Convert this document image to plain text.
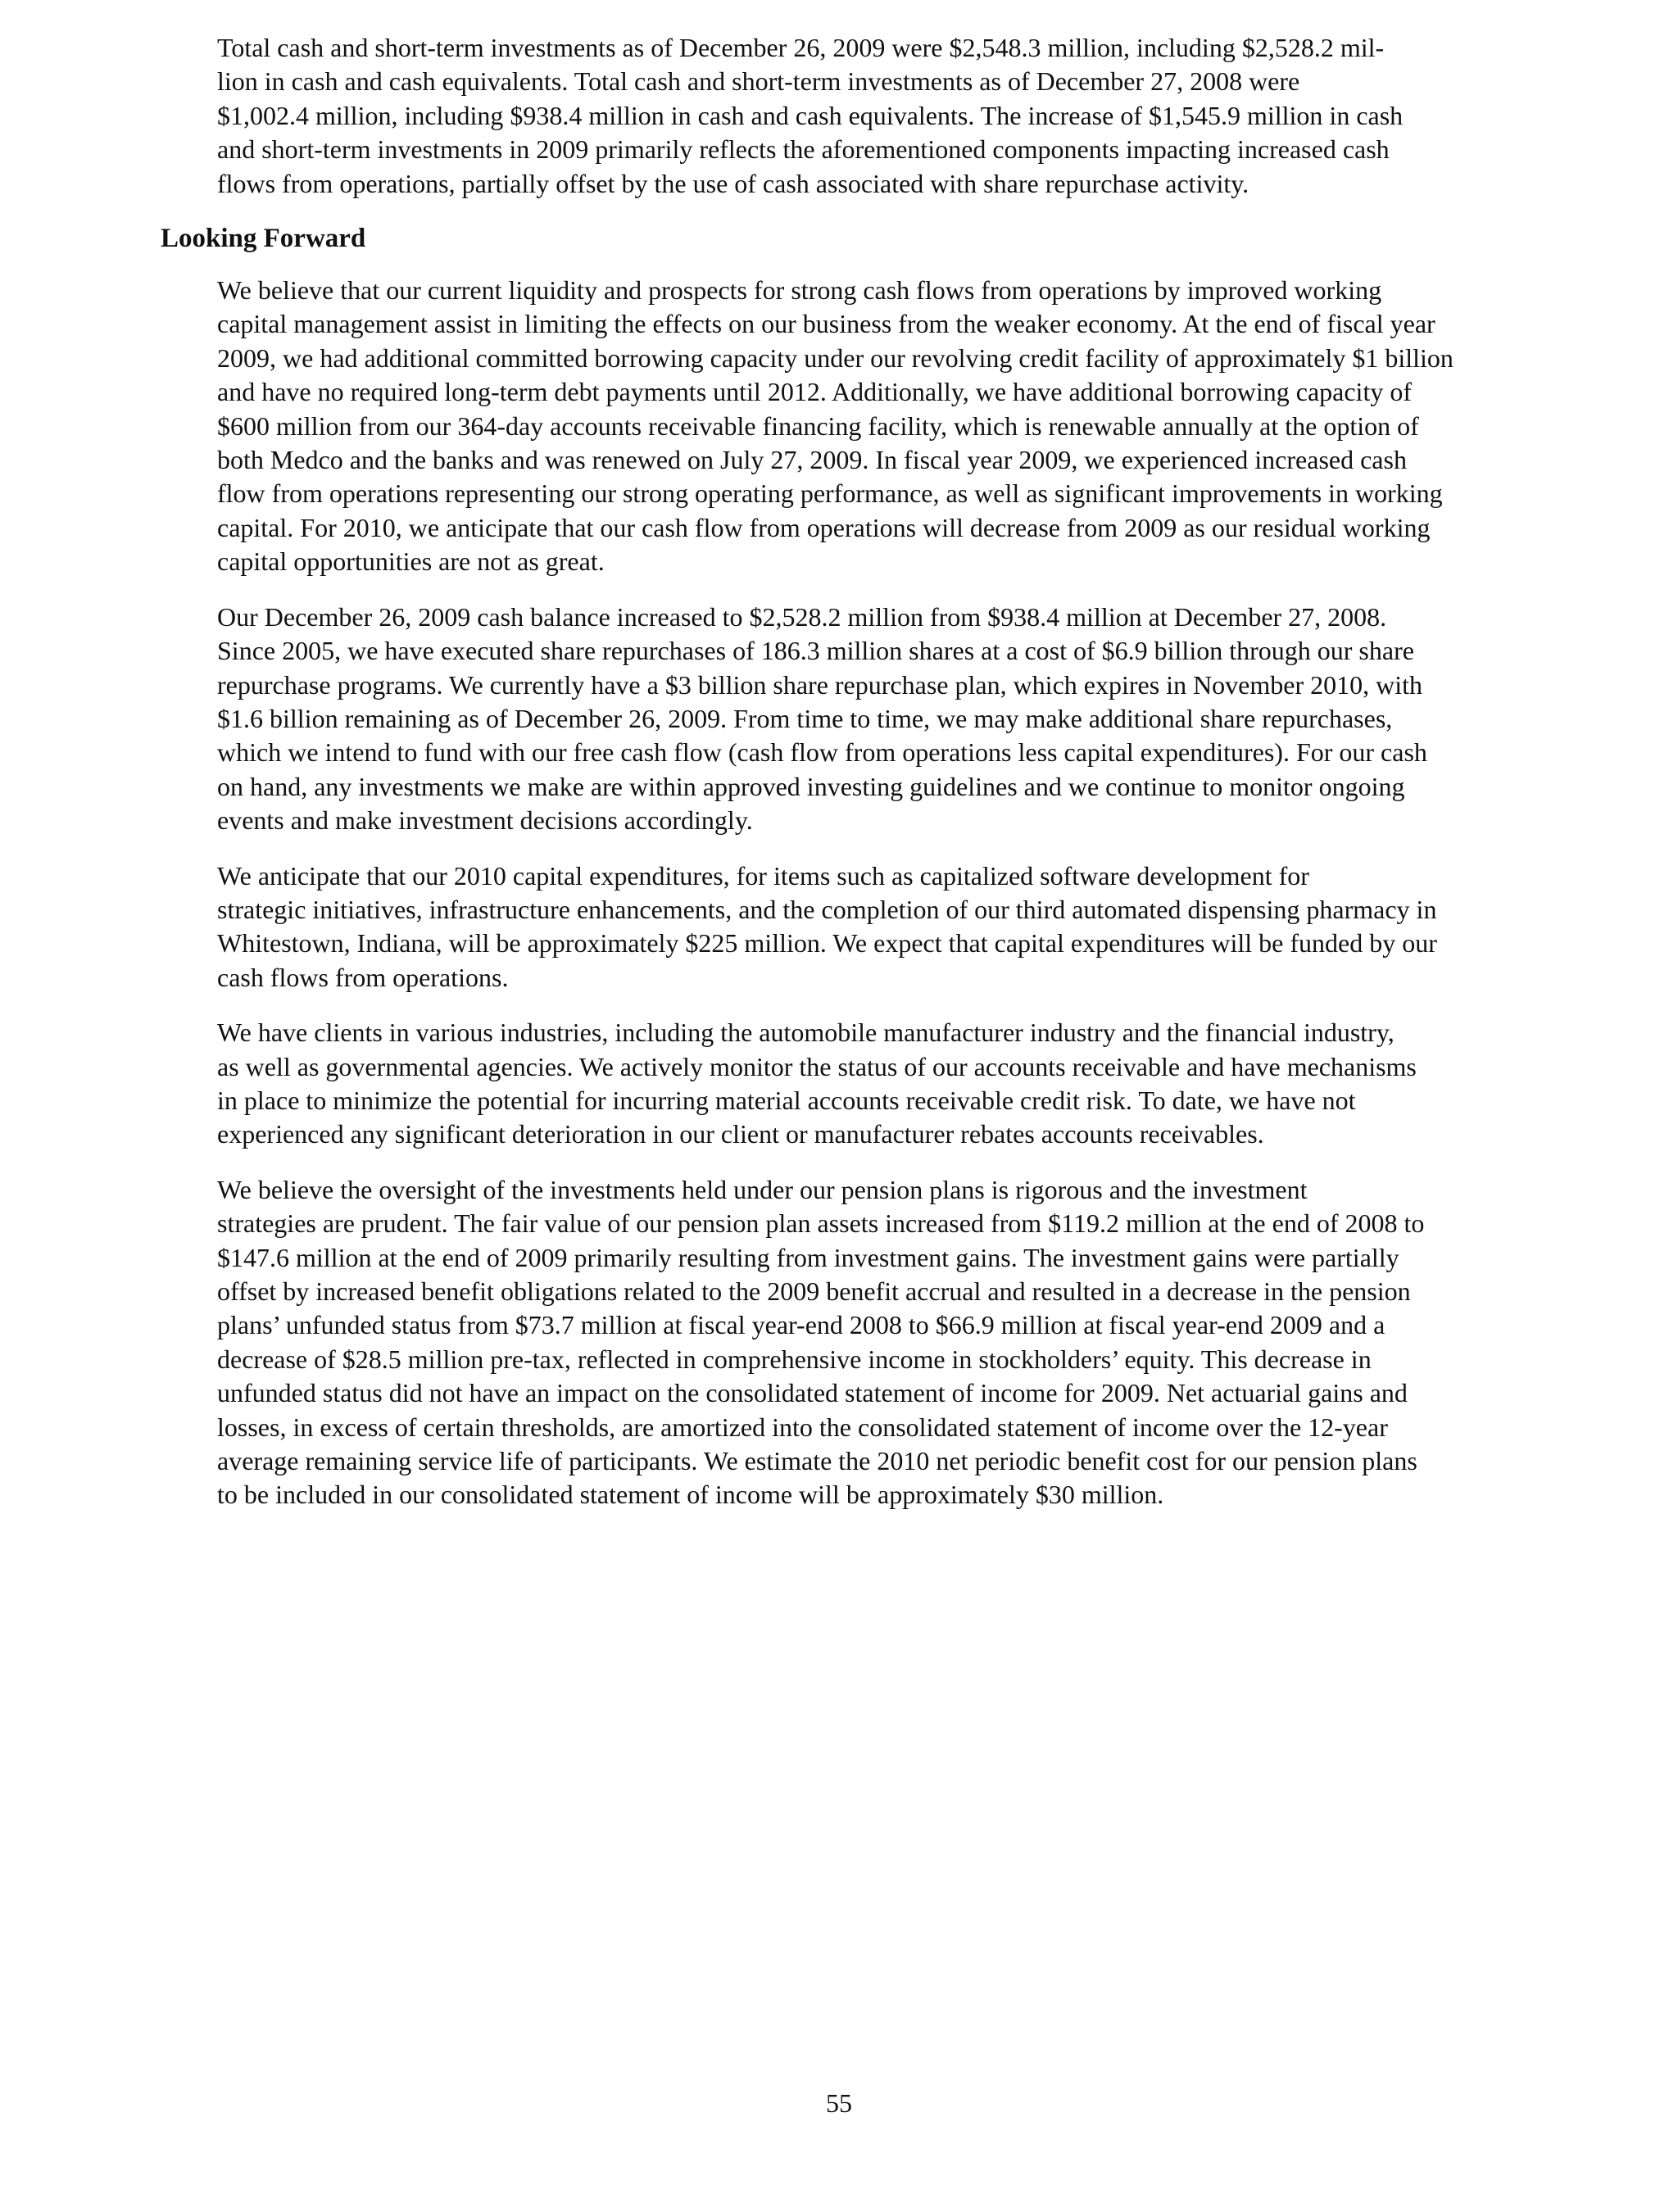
Total cash and short-term investments as of December 26, 2009 were $2,548.3 million, including $2,528.2 mil-
lion in cash and cash equivalents. Total cash and short-term investments as of December 27, 2008 were
$1,002.4 million, including $938.4 million in cash and cash equivalents. The increase of $1,545.9 million in cash
and short-term investments in 2009 primarily reflects the aforementioned components impacting increased cash
flows from operations, partially offset by the use of cash associated with share repurchase activity.

Looking Forward

We believe that our current liquidity and prospects for strong cash flows from operations by improved working
capital management assist in limiting the effects on our business from the weaker economy. At the end of fiscal year
2009, we had additional committed borrowing capacity under our revolving credit facility of approximately $1 billion
and have no required long-term debt payments until 2012. Additionally, we have additional borrowing capacity of
$600 million from our 364-day accounts receivable financing facility, which is renewable annually at the option of
both Medco and the banks and was renewed on July 27, 2009. In fiscal year 2009, we experienced increased cash
flow from operations representing our strong operating performance, as well as significant improvements in working
capital. For 2010, we anticipate that our cash flow from operations will decrease from 2009 as our residual working
capital opportunities are not as great.

Our December 26, 2009 cash balance increased to $2,528.2 million from $938.4 million at December 27, 2008.
Since 2005, we have executed share repurchases of 186.3 million shares at a cost of $6.9 billion through our share
repurchase programs. We currently have a $3 billion share repurchase plan, which expires in November 2010, with
$1.6 billion remaining as of December 26, 2009. From time to time, we may make additional share repurchases,
which we intend to fund with our free cash flow (cash flow from operations less capital expenditures). For our cash
on hand, any investments we make are within approved investing guidelines and we continue to monitor ongoing
events and make investment decisions accordingly.

We anticipate that our 2010 capital expenditures, for items such as capitalized software development for
strategic initiatives, infrastructure enhancements, and the completion of our third automated dispensing pharmacy in
Whitestown, Indiana, will be approximately $225 million. We expect that capital expenditures will be funded by our
cash flows from operations.

We have clients in various industries, including the automobile manufacturer industry and the financial industry,
as well as governmental agencies. We actively monitor the status of our accounts receivable and have mechanisms
in place to minimize the potential for incurring material accounts receivable credit risk. To date, we have not
experienced any significant deterioration in our client or manufacturer rebates accounts receivables.

We believe the oversight of the investments held under our pension plans is rigorous and the investment
strategies are prudent. The fair value of our pension plan assets increased from $119.2 million at the end of 2008 to
$147.6 million at the end of 2009 primarily resulting from investment gains. The investment gains were partially
offset by increased benefit obligations related to the 2009 benefit accrual and resulted in a decrease in the pension
plans’ unfunded status from $73.7 million at fiscal year-end 2008 to $66.9 million at fiscal year-end 2009 and a
decrease of $28.5 million pre-tax, reflected in comprehensive income in stockholders’ equity. This decrease in
unfunded status did not have an impact on the consolidated statement of income for 2009. Net actuarial gains and
losses, in excess of certain thresholds, are amortized into the consolidated statement of income over the 12-year
average remaining service life of participants. We estimate the 2010 net periodic benefit cost for our pension plans
to be included in our consolidated statement of income will be approximately $30 million.

55
